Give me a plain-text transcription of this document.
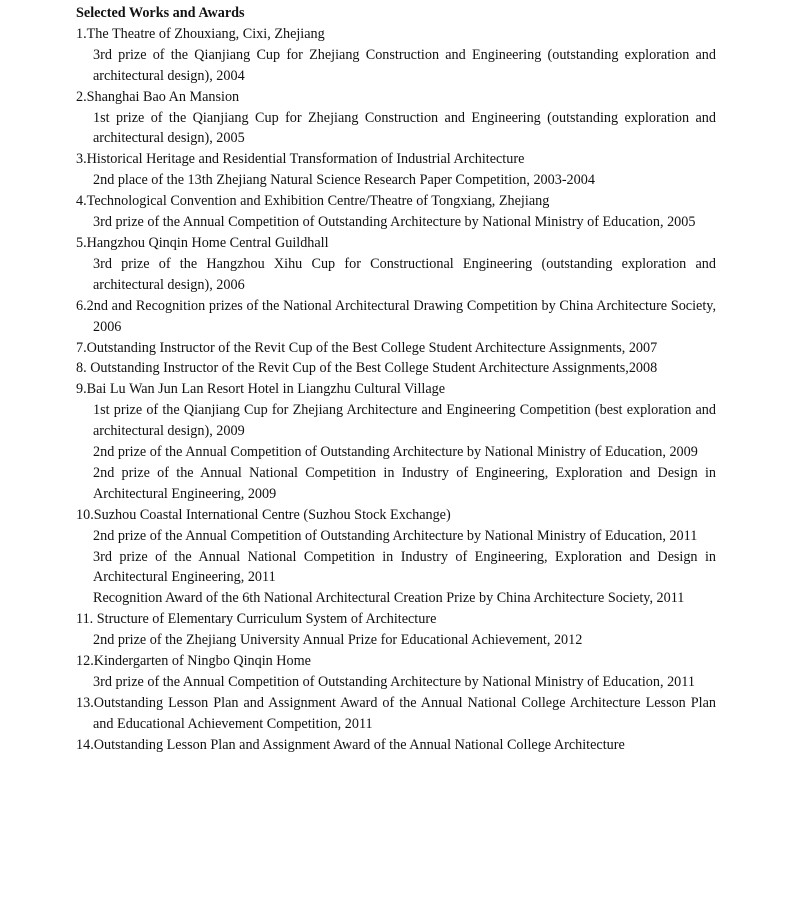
Selected Works and Awards

1.The Theatre of Zhouxiang, Cixi, Zhejiang

3rd prize of the Qianjiang Cup for Zhejiang Construction and Engineering (outstanding exploration and architectural design), 2004

2.Shanghai Bao An Mansion

1st prize of the Qianjiang Cup for Zhejiang Construction and Engineering (outstanding exploration and architectural design), 2005

3.Historical Heritage and Residential Transformation of Industrial Architecture

2nd place of the 13th Zhejiang Natural Science Research Paper Competition, 2003-2004

4.Technological Convention and Exhibition Centre/Theatre of Tongxiang, Zhejiang

3rd prize of the Annual Competition of Outstanding Architecture by National Ministry of Education, 2005

5.Hangzhou Qinqin Home Central Guildhall

3rd prize of the Hangzhou Xihu Cup for Constructional Engineering (outstanding exploration and architectural design), 2006

6.2nd and Recognition prizes of the National Architectural Drawing Competition by China Architecture Society, 2006

7.Outstanding Instructor of the Revit Cup of the Best College Student Architecture Assignments, 2007

8. Outstanding Instructor of the Revit Cup of the Best College Student Architecture Assignments,2008

9.Bai Lu Wan Jun Lan Resort Hotel in Liangzhu Cultural Village

1st prize of the Qianjiang Cup for Zhejiang Architecture and Engineering Competition (best exploration and architectural design), 2009

2nd prize of the Annual Competition of Outstanding Architecture by National Ministry of Education, 2009

2nd prize of the Annual National Competition in Industry of Engineering, Exploration and Design in Architectural Engineering, 2009

10.Suzhou Coastal International Centre (Suzhou Stock Exchange)

2nd prize of the Annual Competition of Outstanding Architecture by National Ministry of Education, 2011

3rd prize of the Annual National Competition in Industry of Engineering, Exploration and Design in Architectural Engineering, 2011

Recognition Award of the 6th National Architectural Creation Prize by China Architecture Society, 2011

11. Structure of Elementary Curriculum System of Architecture

2nd prize of the Zhejiang University Annual Prize for Educational Achievement, 2012

12.Kindergarten of Ningbo Qinqin Home

3rd prize of the Annual Competition of Outstanding Architecture by National Ministry of Education, 2011

13.Outstanding Lesson Plan and Assignment Award of the Annual National College Architecture Lesson Plan and Educational Achievement Competition, 2011

14.Outstanding Lesson Plan and Assignment Award of the Annual National College Architecture
